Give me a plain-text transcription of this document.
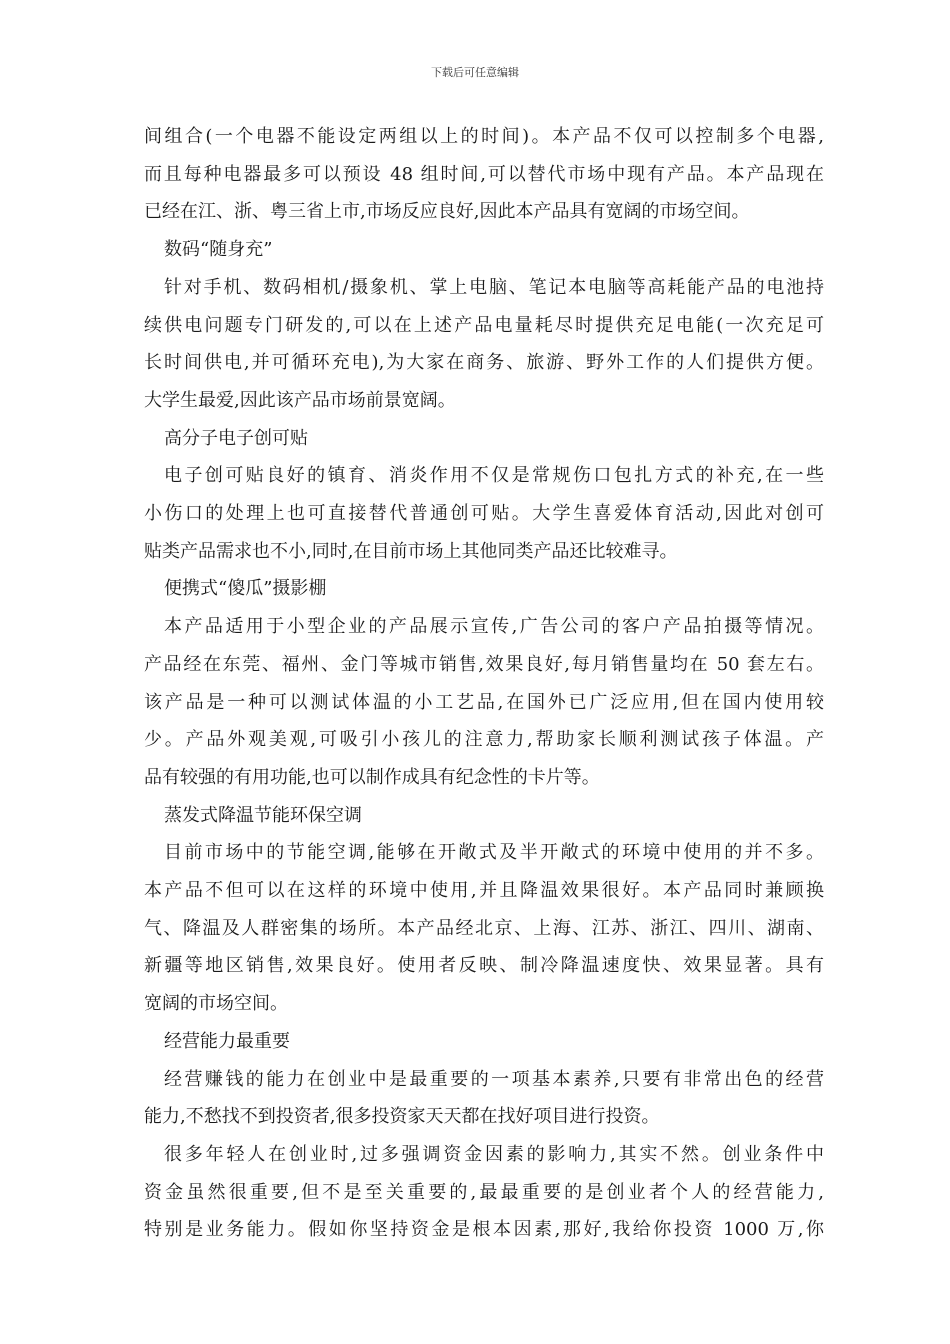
下载后可任意编辑
间组合(一个电器不能设定两组以上的时间)。本产品不仅可以控制多个电器,
而且每种电器最多可以预设 48 组时间,可以替代市场中现有产品。本产品现在
已经在江、浙、粤三省上市,市场反应良好,因此本产品具有宽阔的市场空间。
数码“随身充”
针对手机、数码相机/摄象机、掌上电脑、笔记本电脑等高耗能产品的电池持
续供电问题专门研发的,可以在上述产品电量耗尽时提供充足电能(一次充足可
长时间供电,并可循环充电),为大家在商务、旅游、野外工作的人们提供方便。
大学生最爱,因此该产品市场前景宽阔。
高分子电子创可贴
电子创可贴良好的镇育、消炎作用不仅是常规伤口包扎方式的补充,在一些
小伤口的处理上也可直接替代普通创可贴。大学生喜爱体育活动,因此对创可
贴类产品需求也不小,同时,在目前市场上其他同类产品还比较难寻。
便携式“傻瓜”摄影棚
本产品适用于小型企业的产品展示宣传,广告公司的客户产品拍摄等情况。
产品经在东莞、福州、金门等城市销售,效果良好,每月销售量均在 50 套左右。
该产品是一种可以测试体温的小工艺品,在国外已广泛应用,但在国内使用较
少。产品外观美观,可吸引小孩儿的注意力,帮助家长顺利测试孩子体温。产
品有较强的有用功能,也可以制作成具有纪念性的卡片等。
蒸发式降温节能环保空调
目前市场中的节能空调,能够在开敞式及半开敞式的环境中使用的并不多。
本产品不但可以在这样的环境中使用,并且降温效果很好。本产品同时兼顾换
气、降温及人群密集的场所。本产品经北京、上海、江苏、浙江、四川、湖南、
新疆等地区销售,效果良好。使用者反映、制冷降温速度快、效果显著。具有
宽阔的市场空间。
经营能力最重要
经营赚钱的能力在创业中是最重要的一项基本素养,只要有非常出色的经营
能力,不愁找不到投资者,很多投资家天天都在找好项目进行投资。
很多年轻人在创业时,过多强调资金因素的影响力,其实不然。创业条件中
资金虽然很重要,但不是至关重要的,最最重要的是创业者个人的经营能力,
特别是业务能力。假如你坚持资金是根本因素,那好,我给你投资 1000 万,你
